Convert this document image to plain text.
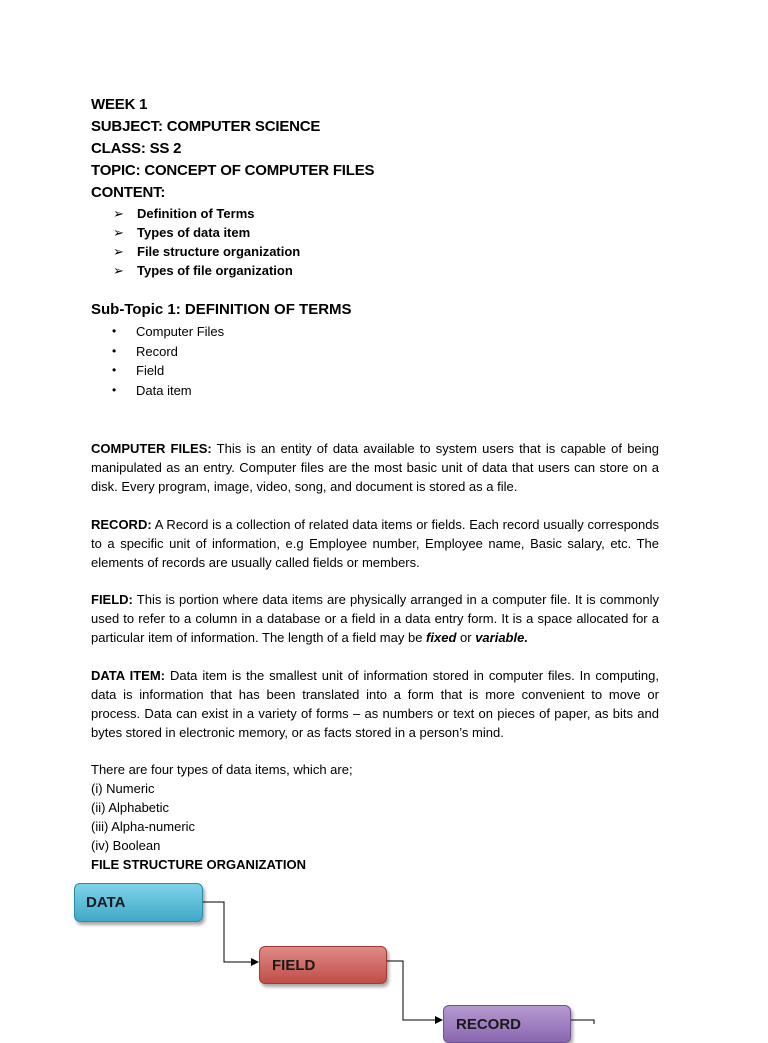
WEEK 1
SUBJECT: COMPUTER SCIENCE
CLASS: SS 2
TOPIC: CONCEPT OF COMPUTER FILES
CONTENT:
➢	Definition of Terms
➢	Types of data item
➢	File structure organization
➢	Types of file organization
Sub-Topic 1: DEFINITION OF TERMS
•	Computer Files
•	Record
•	Field
•	Data item

COMPUTER FILES: This is an entity of data available to system users that is capable of being manipulated as an entry. Computer files are the most basic unit of data that users can store on a disk. Every program, image, video, song, and document is stored as a file.

RECORD: A Record is a collection of related data items or fields. Each record usually corresponds to a specific unit of information, e.g Employee number, Employee name, Basic salary, etc. The elements of records are usually called fields or members.

FIELD: This is portion where data items are physically arranged in a computer file. It is commonly used to refer to a column in a database or a field in a data entry form. It is a space allocated for a particular item of information. The length of a field may be fixed or variable.

DATA ITEM: Data item is the smallest unit of information stored in computer files. In computing, data is information that has been translated into a form that is more convenient to move or process. Data can exist in a variety of forms – as numbers or text on pieces of paper, as bits and bytes stored in electronic memory, or as facts stored in a person’s mind.

There are four types of data items, which are;
(i) Numeric
(ii) Alphabetic
(iii) Alpha-numeric
(iv) Boolean
FILE STRUCTURE ORGANIZATION
DATA
FIELD
RECORD
